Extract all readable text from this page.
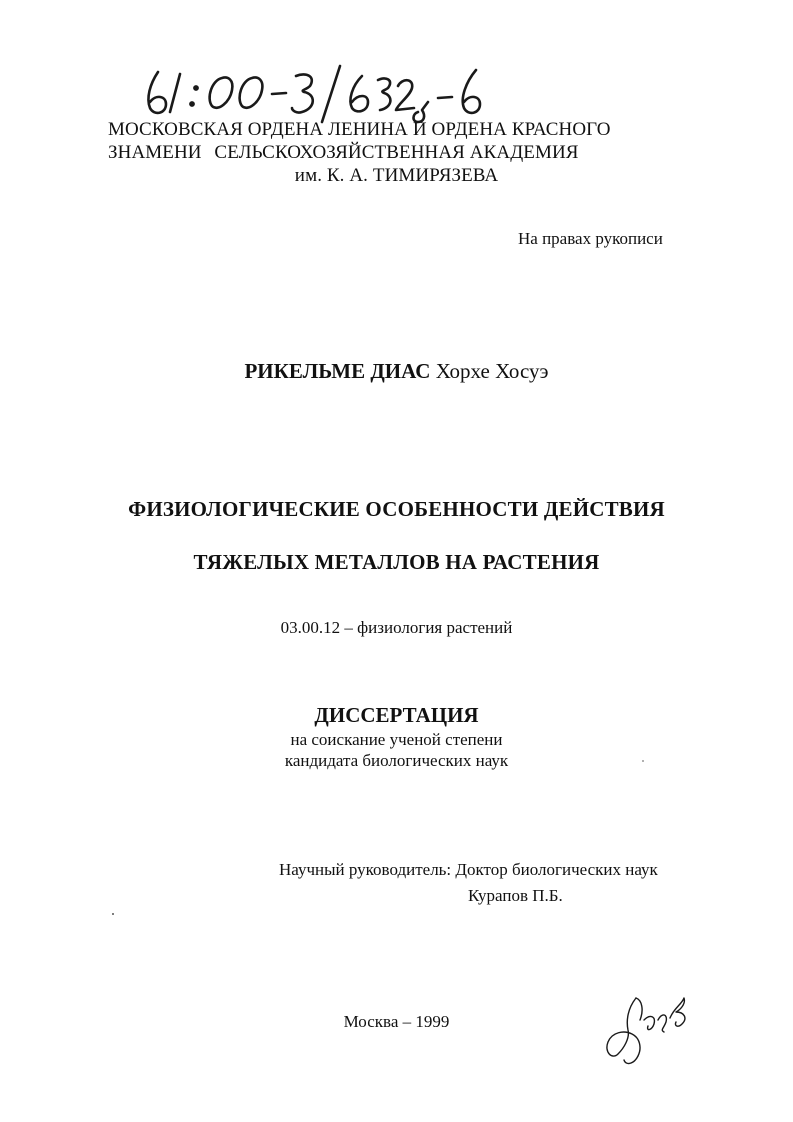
МОСКОВСКАЯ ОРДЕНА ЛЕНИНА И ОРДЕНА КРАСНОГО ЗНАМЕНИ СЕЛЬСКОХОЗЯЙСТВЕННАЯ АКАДЕМИЯ
им. К. А. ТИМИРЯЗЕВА
На правах рукописи
РИКЕЛЬМЕ ДИАС Хорхе Хосуэ
ФИЗИОЛОГИЧЕСКИЕ ОСОБЕННОСТИ ДЕЙСТВИЯ
ТЯЖЕЛЫХ МЕТАЛЛОВ НА РАСТЕНИЯ
03.00.12 – физиология растений
ДИССЕРТАЦИЯ
на соискание ученой степени
кандидата биологических наук
Научный руководитель: Доктор биологических наук
Курапов П.Б.
Москва – 1999
